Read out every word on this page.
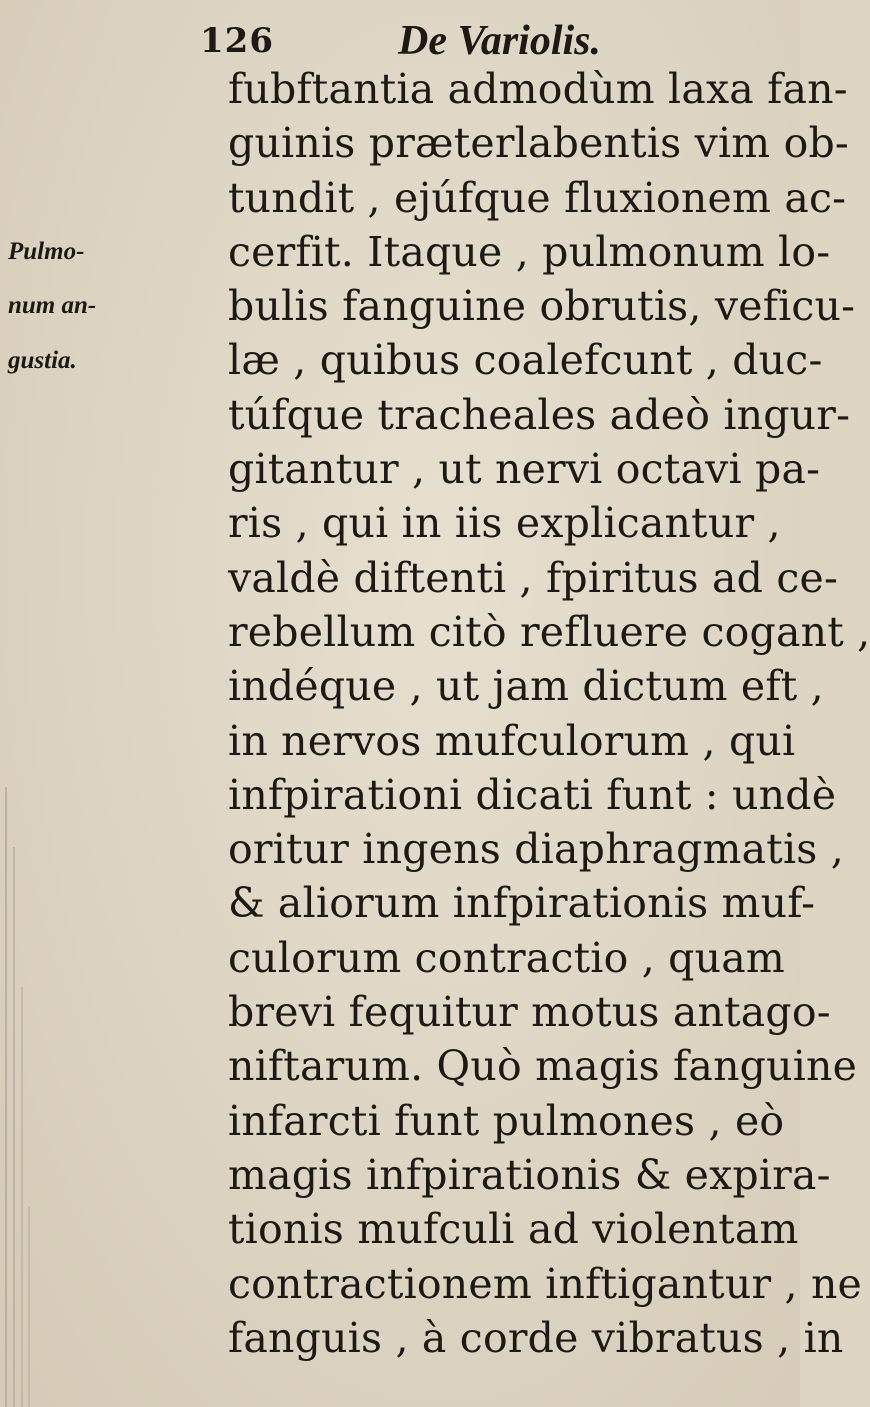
126	De Variolis.
Pulmo-
num an-
gustia.
fubftantia admodùm laxa fan-
guinis præterlabentis vim ob-
tundit , ejúfque fluxionem ac-
cerfit. Itaque , pulmonum lo-
bulis fanguine obrutis, veficu-
læ , quibus coalefcunt , duc-
túfque tracheales adeò ingur-
gitantur , ut nervi octavi pa-
ris , qui in iis explicantur ,
valdè diftenti , fpiritus ad ce-
rebellum citò refluere cogant ,
indéque , ut jam dictum eft ,
in nervos mufculorum , qui
infpirationi dicati funt : undè
oritur ingens diaphragmatis ,
& aliorum infpirationis muf-
culorum contractio , quam
brevi fequitur motus antago-
niftarum. Quò magis fanguine
infarcti funt pulmones , eò
magis infpirationis & expira-
tionis mufculi ad violentam
contractionem inftigantur , ne
fanguis , à corde vibratus , in
